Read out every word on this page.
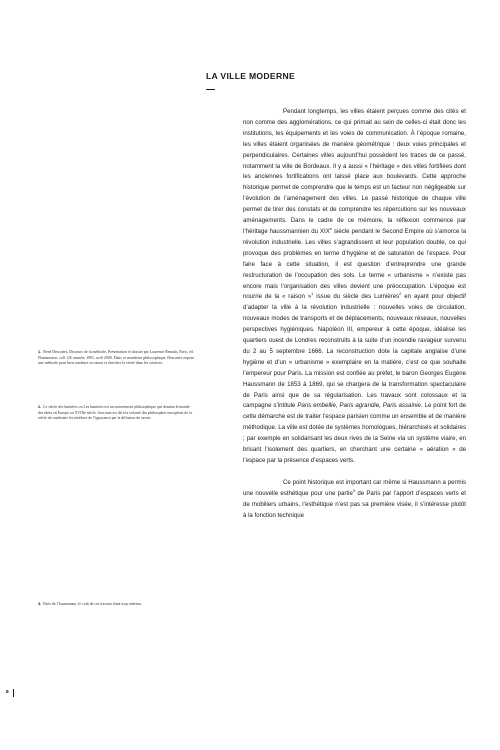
LA VILLE MODERNE

Pendant longtemps, les villes étaient perçues comme des cités et non comme des agglomérations, ce qui primait au sein de celles-ci était donc les institutions, les équipements et les voies de communication. À l’époque romaine, les villes étaient organisées de manière géométrique : deux voies principales et perpendiculaires. Certaines villes aujourd’hui possèdent les traces de ce passé, notamment la ville de Bordeaux. Il y a aussi « l’héritage » des villes fortifiées dont les anciennes fortifications ont laissé place aux boulevards. Cette approche historique permet de comprendre que le temps est un facteur non négligeable sur l’évolution de l’aménagement des villes. Le passé historique de chaque ville permet de tirer des constats et de comprendre les répercutions sur les nouveaux aménagements. Dans le cadre de ce mémoire, la réflexion commence par l’héritage haussmannien du XIXe siècle pendant le Second Empire où s’amorce la révolution industrielle. Les villes s’agrandissent et leur population double, ce qui provoque des problèmes en terme d’hygiène et de saturation de l’espace. Pour faire face à cette situation, il est question d’entreprendre une grande restructuration de l’occupation des sols. Le terme « urbanisme » n’existe pas encore mais l’organisation des villes devient une préoccupation. L’époque est nourrie de la « raison »$^1$ issue du siècle des Lumières$^2$ en ayant pour objectif d’adapter la ville à la révolution industrielle : nouvelles voies de circulation, nouveaux modes de transports et de déplacements, nouveaux réseaux, nouvelles perspectives hygiéniques. Napoléon III, empereur à cette époque, idéalise les quartiers ouest de Londres reconstruits à la suite d’un incendie ravageur survenu du 2 au 5 septembre 1666. La reconstruction dote la capitale anglaise d’une hygiène et d’un « urbanisme » exemplaire en la matière, c’est ce que souhaite l’empereur pour Paris. La mission est confiée au préfet, le baron Georges Eugène Haussmann de 1853 à 1869, qui se chargera de la transformation spectaculaire de Paris ainsi que de sa régularisation. Les travaux sont colossaux et la campagne s’intitule Paris embellie, Paris agrandie, Paris assainie. Le point fort de cette démarche est de traiter l’espace parisien comme un ensemble et de manière méthodique. La ville est dotée de systèmes homologues, hiérarchisés et solidaires ; par exemple en solidarisant les deux rives de la Seine via un système viaire, en brisant l’isolement des quartiers, en cherchant une certaine « aération » de l’espace par la présence d’espaces verts.

Ce point historique est important car même si Haussmann a permis une nouvelle esthétique pour une partie$^3$ de Paris par l’apport d’espaces verts et de mobiliers urbains, l’esthétique n’est pas sa première visée, il s’intéresse plutôt à la fonction technique

1. René Descartes, Discours de la méthode, Présentation et dossier par Laurence Renault, Paris, éd. Flammarion, coll. GF, numéro 1091, avril 2000. Dans ce manifeste philosophique, Descartes expose une méthode pour bien conduire sa raison et chercher la vérité dans les sciences.

2. Le siècle des lumières ou Les lumières est un mouvement philosophique qui domina le monde des idées en Europe au XVIIIe siècle. Son nom est dû à la volonté des philosophes européens de ce siècle de combattre les ténèbres de l’ignorance par la diffusion du savoir.

3. Paris de l’haussmann, le coût de ces travaux étant trop onéreux.

8
